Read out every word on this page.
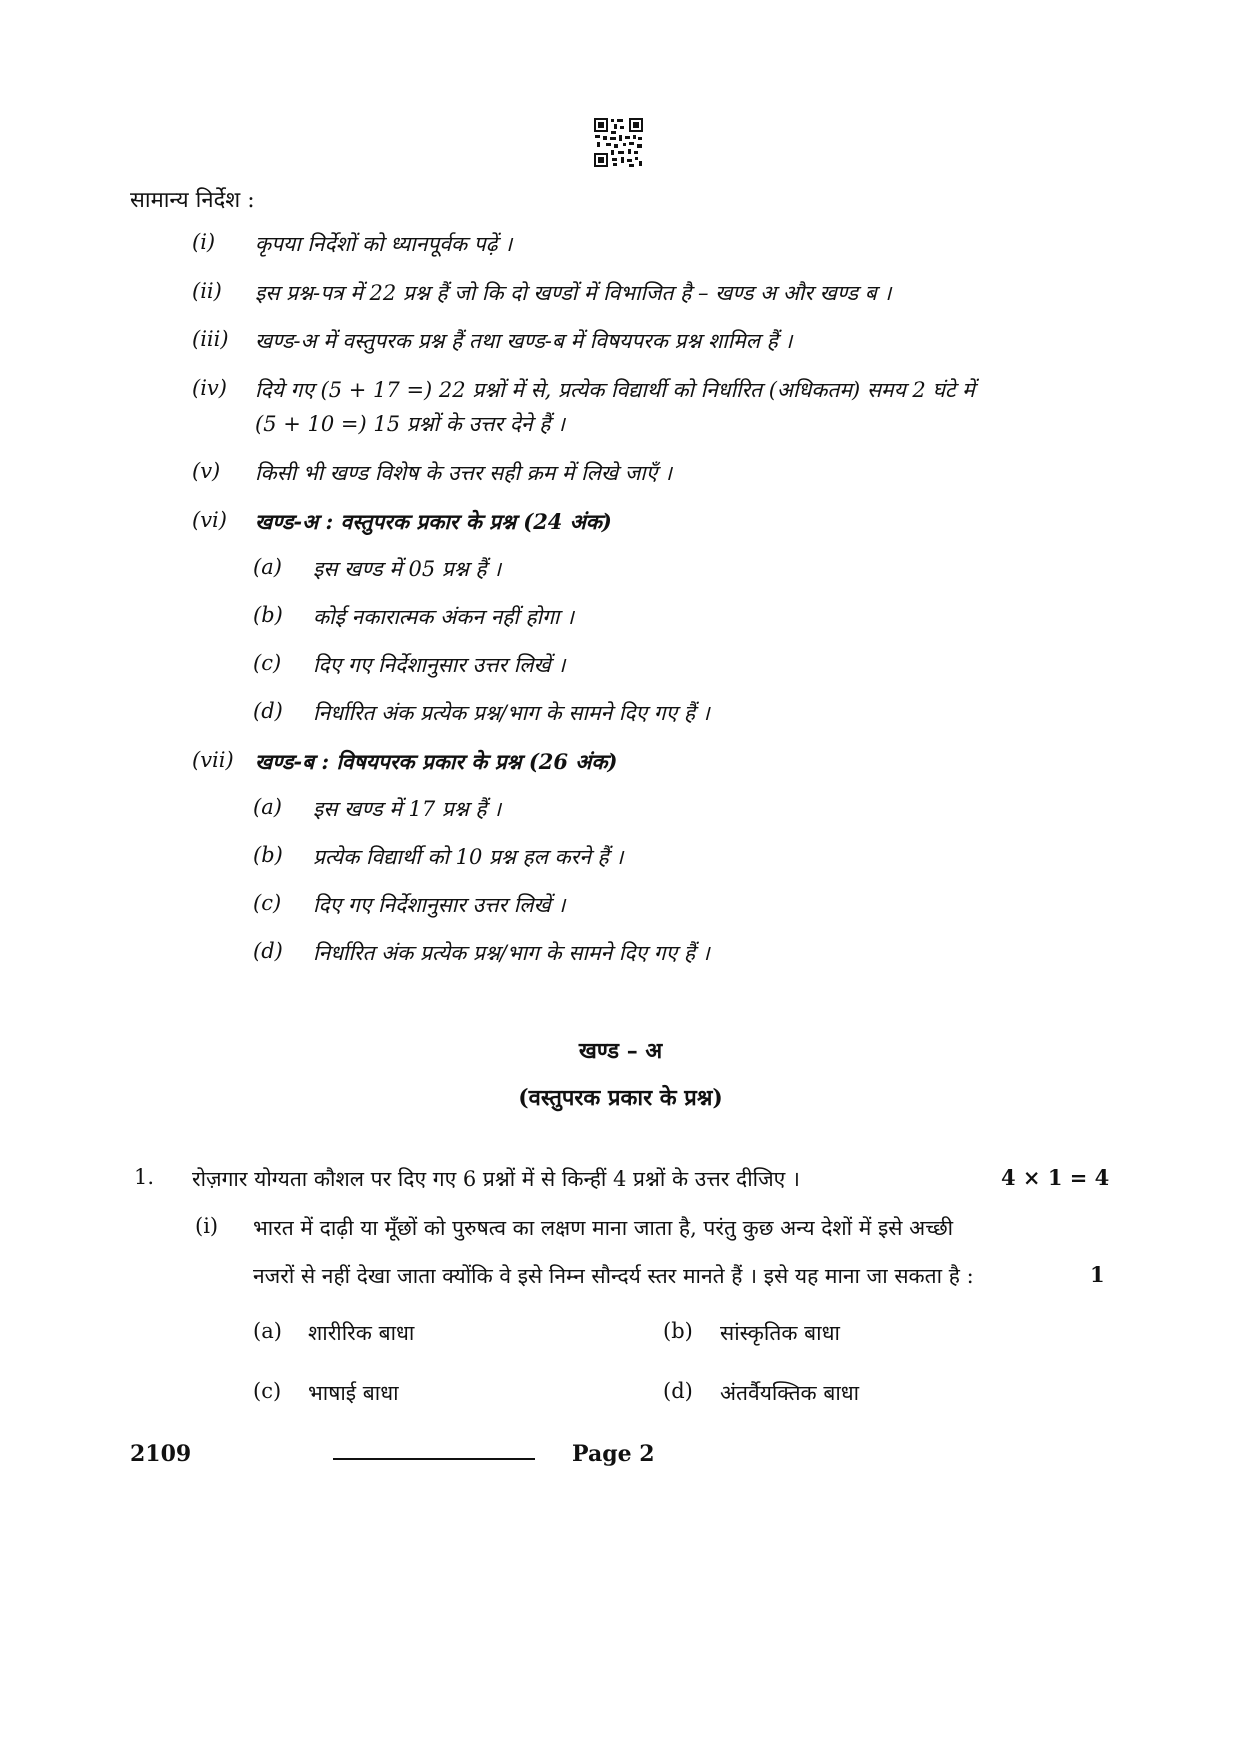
सामान्य निर्देश :
(i) कृपया निर्देशों को ध्यानपूर्वक पढ़ें ।
(ii) इस प्रश्न-पत्र में 22 प्रश्न हैं जो कि दो खण्डों में विभाजित है – खण्ड अ और खण्ड ब ।
(iii) खण्ड-अ में वस्तुपरक प्रश्न हैं तथा खण्ड-ब में विषयपरक प्रश्न शामिल हैं ।
(iv) दिये गए (5 + 17 =) 22 प्रश्नों में से, प्रत्येक विद्यार्थी को निर्धारित (अधिकतम) समय 2 घंटे में
(5 + 10 =) 15 प्रश्नों के उत्तर देने हैं ।
(v) किसी भी खण्ड विशेष के उत्तर सही क्रम में लिखे जाएँ ।
(vi) खण्ड-अ : वस्तुपरक प्रकार के प्रश्न (24 अंक)
(a) इस खण्ड में 05 प्रश्न हैं ।
(b) कोई नकारात्मक अंकन नहीं होगा ।
(c) दिए गए निर्देशानुसार उत्तर लिखें ।
(d) निर्धारित अंक प्रत्येक प्रश्न/भाग के सामने दिए गए हैं ।
(vii) खण्ड-ब : विषयपरक प्रकार के प्रश्न (26 अंक)
(a) इस खण्ड में 17 प्रश्न हैं ।
(b) प्रत्येक विद्यार्थी को 10 प्रश्न हल करने हैं ।
(c) दिए गए निर्देशानुसार उत्तर लिखें ।
(d) निर्धारित अंक प्रत्येक प्रश्न/भाग के सामने दिए गए हैं ।
खण्ड – अ
(वस्तुपरक प्रकार के प्रश्न)
1. रोज़गार योग्यता कौशल पर दिए गए 6 प्रश्नों में से किन्हीं 4 प्रश्नों के उत्तर दीजिए ।	4 × 1 = 4
(i) भारत में दाढ़ी या मूँछों को पुरुषत्व का लक्षण माना जाता है, परंतु कुछ अन्य देशों में इसे अच्छी
नजरों से नहीं देखा जाता क्योंकि वे इसे निम्न सौन्दर्य स्तर मानते हैं । इसे यह माना जा सकता है :	1
(a) शारीरिक बाधा	(b) सांस्कृतिक बाधा
(c) भाषाई बाधा	(d) अंतर्वैयक्तिक बाधा
2109	Page 2
